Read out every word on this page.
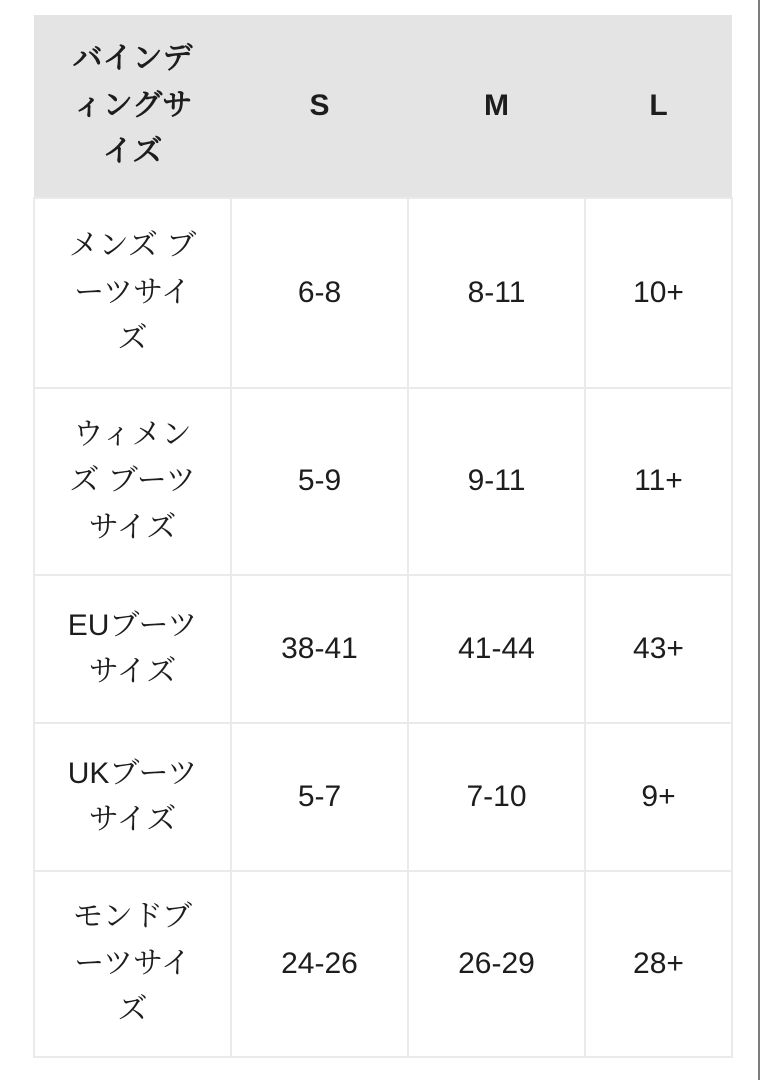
バインディングサイズ	S	M	L
メンズ ブーツサイズ	6-8	8-11	10+
ウィメンズ ブーツ サイズ	5-9	9-11	11+
EUブーツ サイズ	38-41	41-44	43+
UKブーツ サイズ	5-7	7-10	9+
モンドブーツサイズ	24-26	26-29	28+
